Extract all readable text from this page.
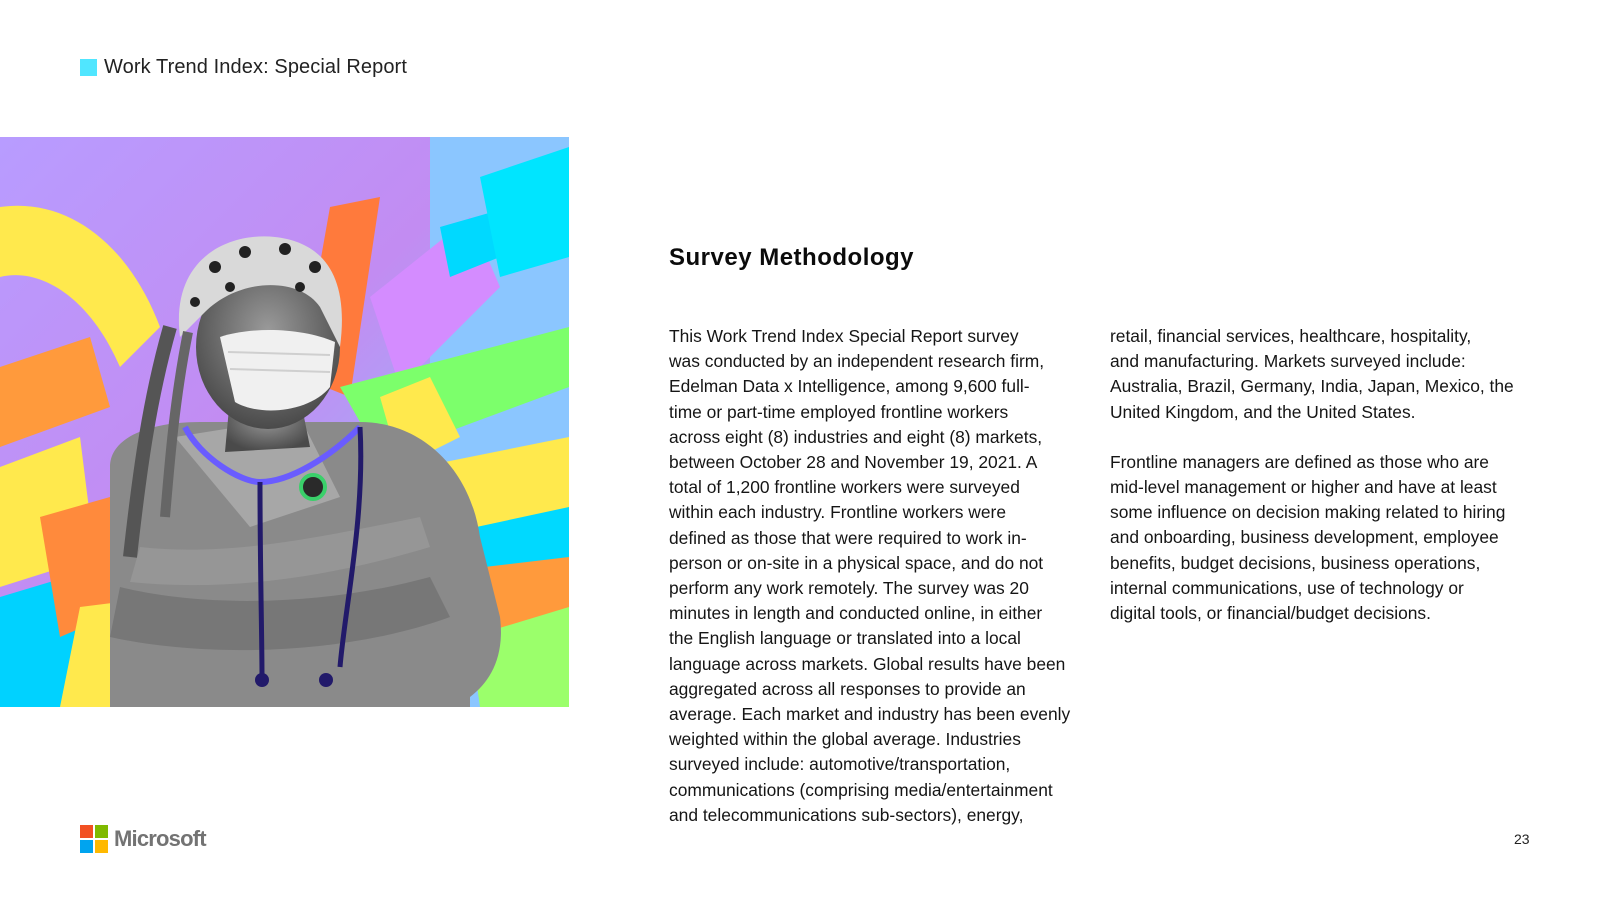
Work Trend Index: Special Report
Survey Methodology

This Work Trend Index Special Report survey
was conducted by an independent research firm,
Edelman Data x Intelligence, among 9,600 full-
time or part-time employed frontline workers
across eight (8) industries and eight (8) markets,
between October 28 and November 19, 2021. A
total of 1,200 frontline workers were surveyed
within each industry. Frontline workers were
defined as those that were required to work in-
person or on-site in a physical space, and do not
perform any work remotely. The survey was 20
minutes in length and conducted online, in either
the English language or translated into a local
language across markets. Global results have been
aggregated across all responses to provide an
average. Each market and industry has been evenly
weighted within the global average. Industries
surveyed include: automotive/transportation,
communications (comprising media/entertainment
and telecommunications sub-sectors), energy,

retail, financial services, healthcare, hospitality,
and manufacturing. Markets surveyed include:
Australia, Brazil, Germany, India, Japan, Mexico, the
United Kingdom, and the United States.

Frontline managers are defined as those who are
mid-level management or higher and have at least
some influence on decision making related to hiring
and onboarding, business development, employee
benefits, budget decisions, business operations,
internal communications, use of technology or
digital tools, or financial/budget decisions.

Microsoft	23
